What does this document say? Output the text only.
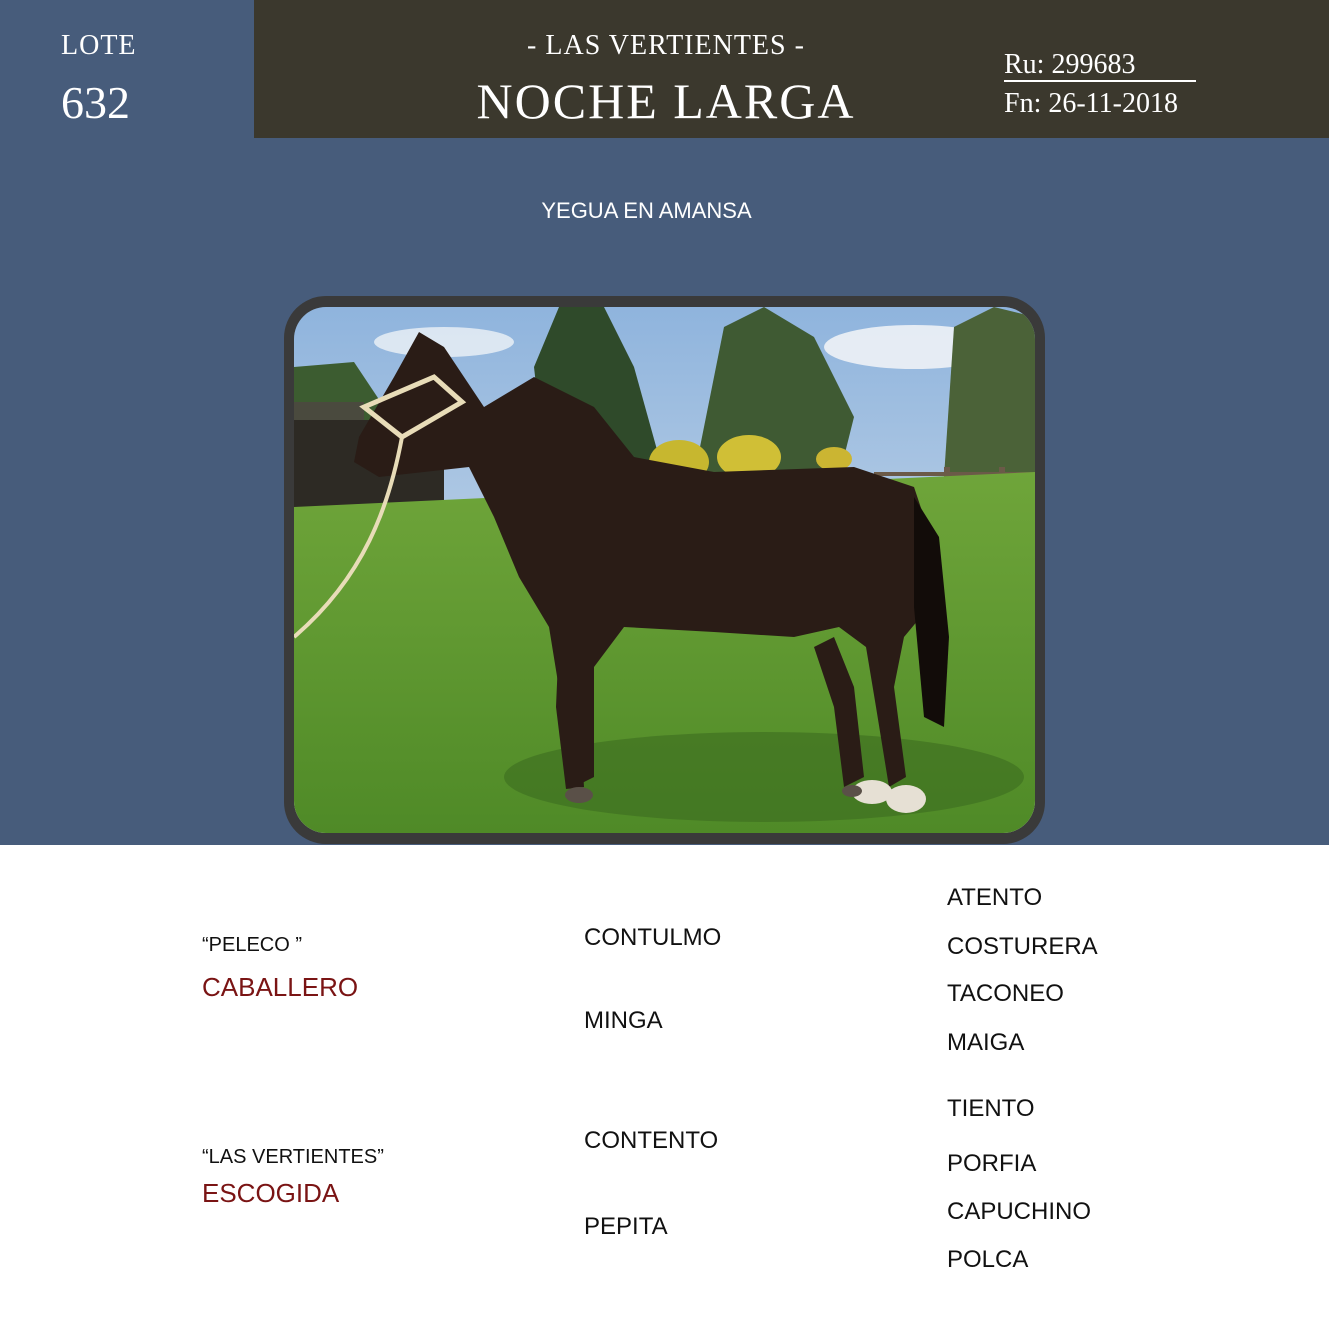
LOTE
632
- LAS VERTIENTES -
NOCHE LARGA
Ru: 299683
Fn: 26-11-2018
YEGUA EN AMANSA
“PELECO ”
CABALLERO
“LAS VERTIENTES”
ESCOGIDA
CONTULMO
MINGA
CONTENTO
PEPITA
ATENTO
COSTURERA
TACONEO
MAIGA
TIENTO
PORFIA
CAPUCHINO
POLCA
